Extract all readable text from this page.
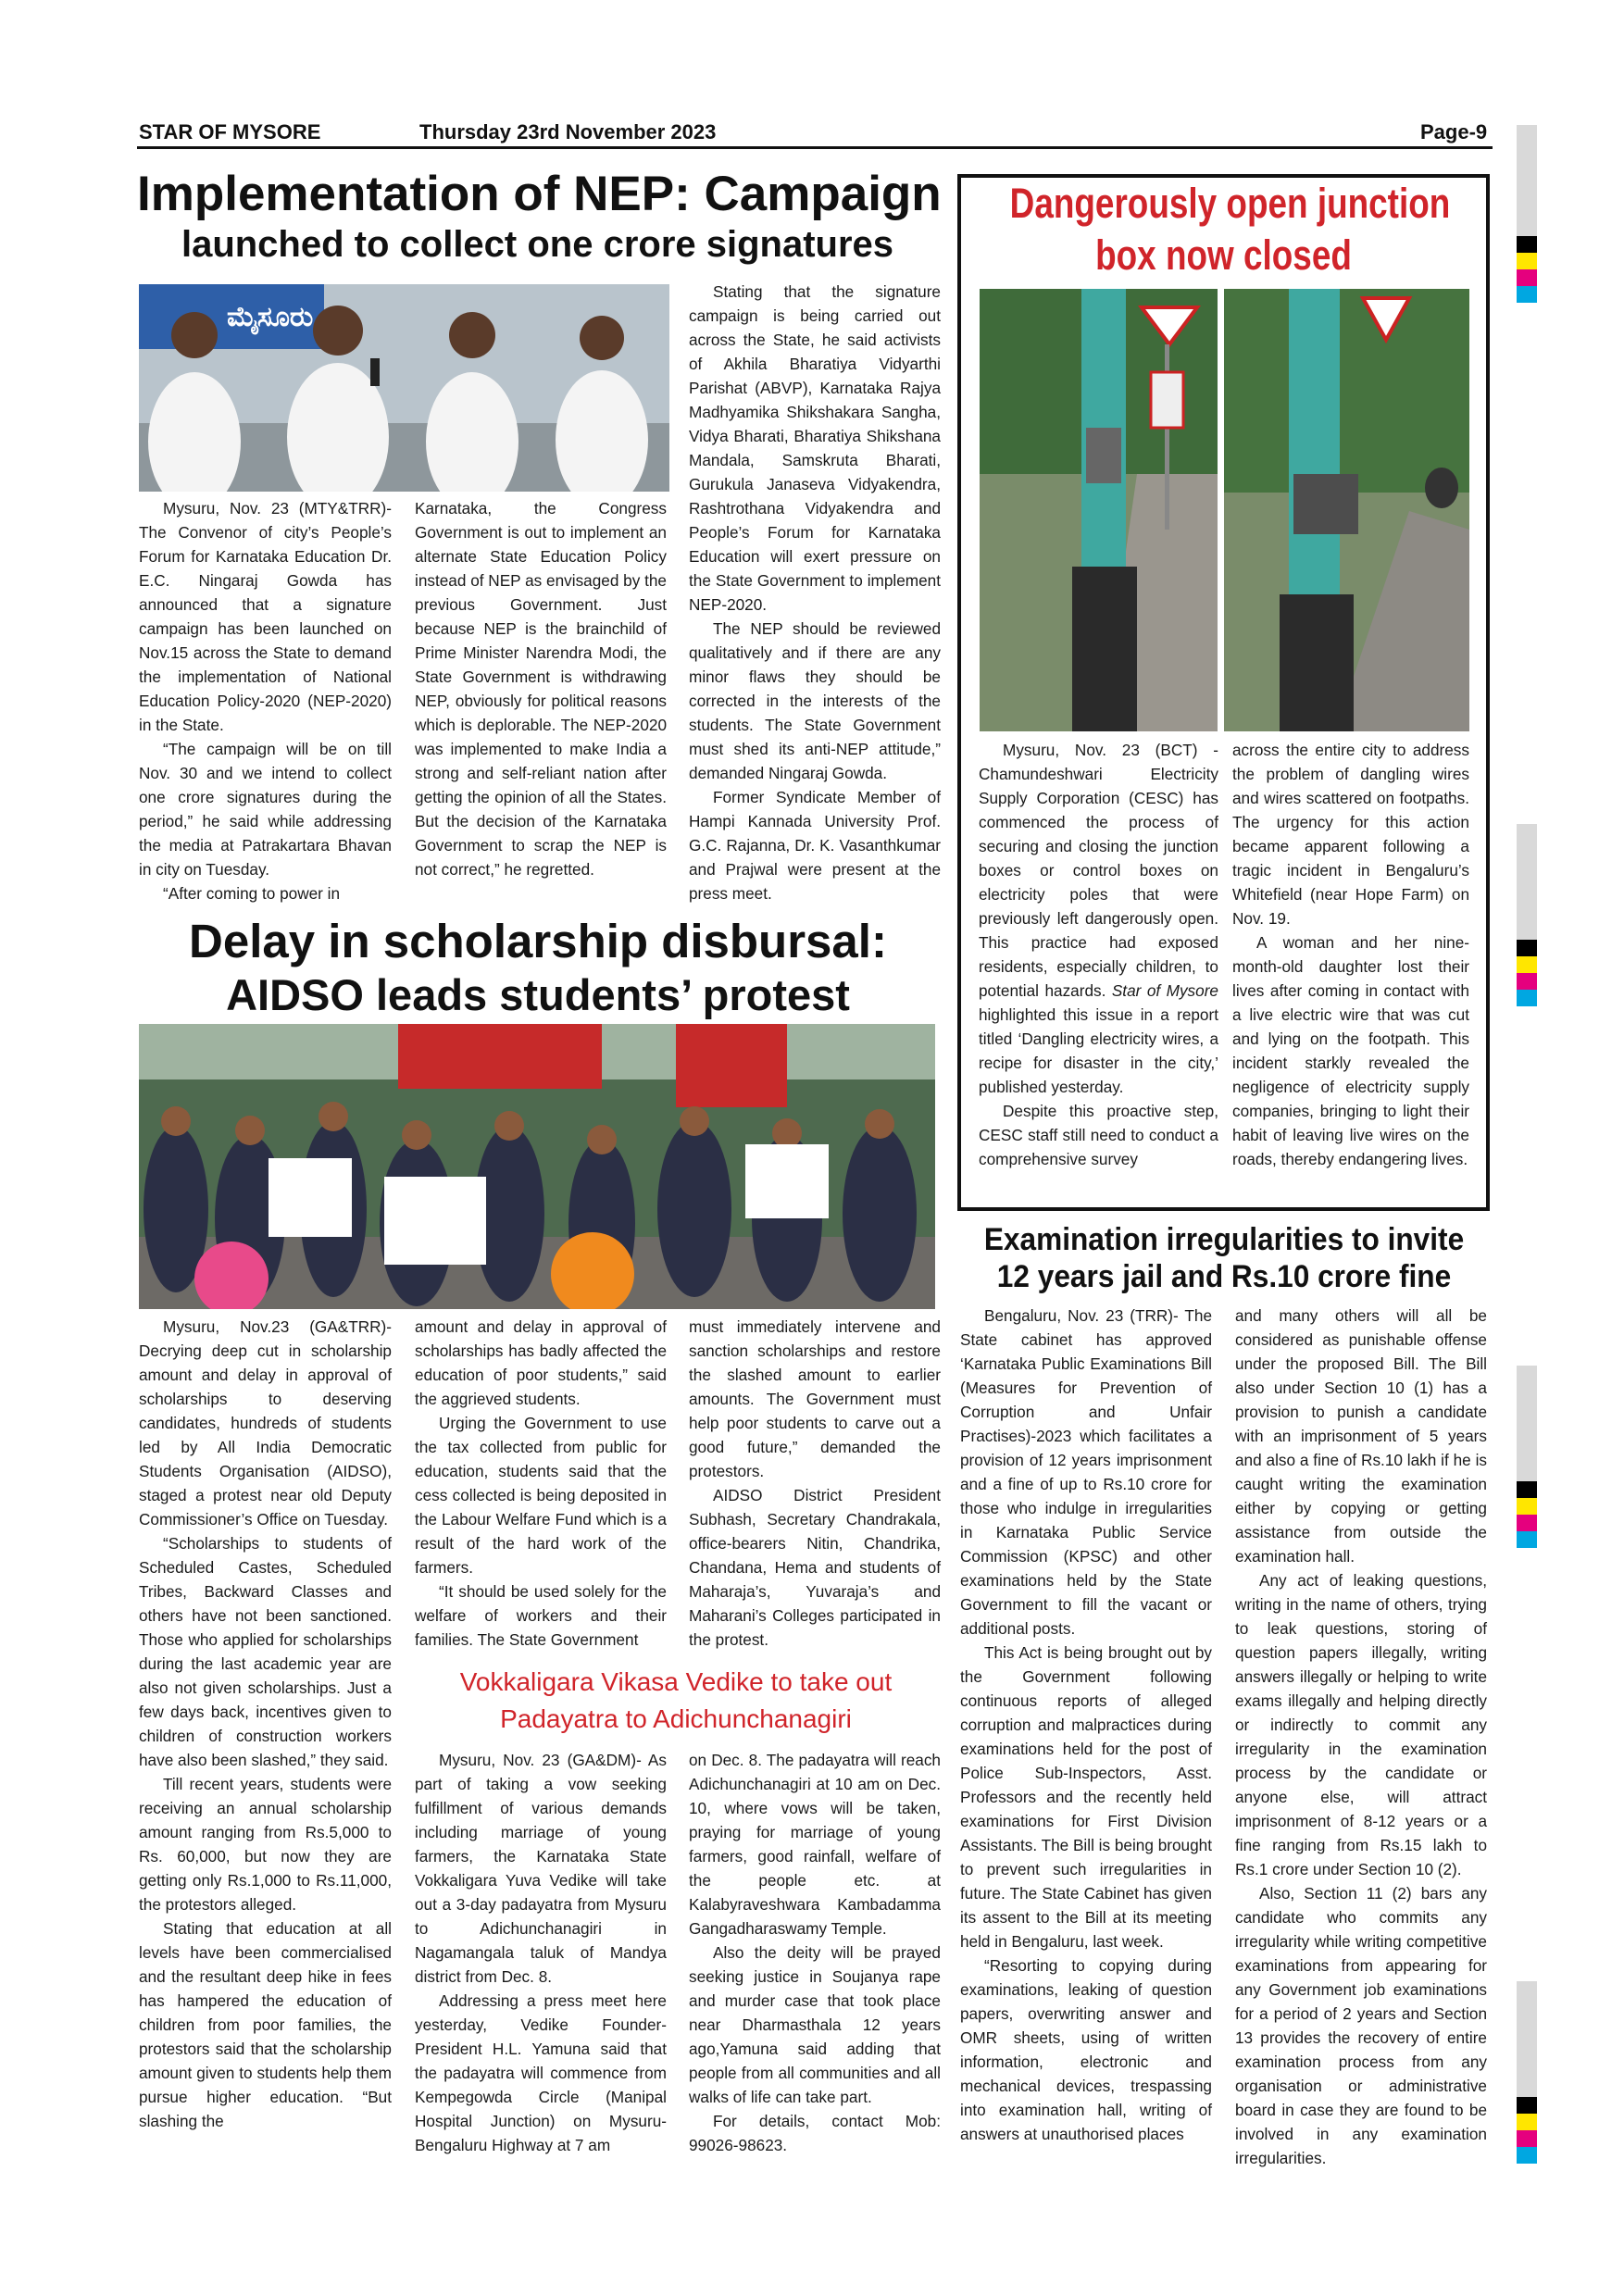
STAR OF MYSORE	Thursday 23rd November 2023	Page-9
Implementation of NEP: Campaign
launched to collect one crore signatures
ಮೈಸೂರು

Mysuru, Nov. 23 (MTY&TRR)- The Convenor of city’s People’s Forum for Karnataka Education Dr. E.C. Ningaraj Gowda has announced that a signature campaign has been launched on Nov.15 across the State to demand the implementation of National Education Policy-2020 (NEP-2020) in the State.

“The campaign will be on till Nov. 30 and we intend to collect one crore signatures during the period,” he said while addressing the media at Patrakartara Bhavan in city on Tuesday.

“After coming to power in

Karnataka, the Congress Government is out to implement an alternate State Education Policy instead of NEP as envisaged by the previous Government. Just because NEP is the brainchild of Prime Minister Narendra Modi, the State Government is withdrawing NEP, obviously for political reasons which is deplorable. The NEP-2020 was implemented to make India a strong and self-reliant nation after getting the opinion of all the States. But the decision of the Karnataka Government to scrap the NEP is not correct,” he regretted.

Stating that the signature campaign is being carried out across the State, he said activists of Akhila Bharatiya Vidyarthi Parishat (ABVP), Karnataka Rajya Madhyamika Shikshakara Sangha, Vidya Bharati, Bharatiya Shikshana Mandala, Samskruta Bharati, Gurukula Janaseva Vidyakendra, Rashtrothana Vidyakendra and People’s Forum for Karnataka Education will exert pressure on the State Government to implement NEP-2020.

The NEP should be reviewed qualitatively and if there are any minor flaws they should be corrected in the interests of the students. The State Government must shed its anti-NEP attitude,” demanded Ningaraj Gowda.

Former Syndicate Member of Hampi Kannada University Prof. G.C. Rajanna, Dr. K. Vasanthkumar and Prajwal were present at the press meet.

Dangerously open junction
box now closed

Mysuru, Nov. 23 (BCT) - Chamundeshwari Electricity Supply Corporation (CESC) has commenced the process of securing and closing the junction boxes or control boxes on electricity poles that were previously left dangerously open. This practice had exposed residents, especially children, to potential hazards. Star of Mysore highlighted this issue in a report titled ‘Dangling electricity wires, a recipe for disaster in the city,’ published yesterday.

Despite this proactive step, CESC staff still need to conduct a comprehensive survey

across the entire city to address the problem of dangling wires and wires scattered on footpaths. The urgency for this action became apparent following a tragic incident in Bengaluru’s Whitefield (near Hope Farm) on Nov. 19.

A woman and her nine-month-old daughter lost their lives after coming in contact with a live electric wire that was cut and lying on the footpath. This incident starkly revealed the negligence of electricity supply companies, bringing to light their habit of leaving live wires on the roads, thereby endangering lives.

Delay in scholarship disbursal:
AIDSO leads students’ protest

Mysuru, Nov.23 (GA&TRR)- Decrying deep cut in scholarship amount and delay in approval of scholarships to deserving candidates, hundreds of students led by All India Democratic Students Organisation (AIDSO), staged a protest near old Deputy Commissioner’s Office on Tuesday.

“Scholarships to students of Scheduled Castes, Scheduled Tribes, Backward Classes and others have not been sanctioned. Those who applied for scholarships during the last academic year are also not given scholarships. Just a few days back, incentives given to children of construction workers have also been slashed,” they said.

Till recent years, students were receiving an annual scholarship amount ranging from Rs.5,000 to Rs. 60,000, but now they are getting only Rs.1,000 to Rs.11,000, the protestors alleged.

Stating that education at all levels have been commercialised and the resultant deep hike in fees has hampered the education of children from poor families, the protestors said that the scholarship amount given to students help them pursue higher education. “But slashing the

amount and delay in approval of scholarships has badly affected the education of poor students,” said the aggrieved students.

Urging the Government to use the tax collected from public for education, students said that the cess collected is being deposited in the Labour Welfare Fund which is a result of the hard work of the farmers.

“It should be used solely for the welfare of workers and their families. The State Government

must immediately intervene and sanction scholarships and restore the slashed amount to earlier amounts. The Government must help poor students to carve out a good future,” demanded the protestors.

AIDSO District President Subhash, Secretary Chandrakala, office-bearers Nitin, Chandrika, Chandana, Hema and students of Maharaja’s, Yuvaraja’s and Maharani’s Colleges participated in the protest.

Vokkaligara Vikasa Vedike to take out
Padayatra to Adichunchanagiri

Mysuru, Nov. 23 (GA&DM)- As part of taking a vow seeking fulfillment of various demands including marriage of young farmers, the Karnataka State Vokkaligara Yuva Vedike will take out a 3-day padayatra from Mysuru to Adichunchanagiri in Nagamangala taluk of Mandya district from Dec. 8.

Addressing a press meet here yesterday, Vedike Founder-President H.L. Yamuna said that the padayatra will commence from Kempegowda Circle (Manipal Hospital Junction) on Mysuru-Bengaluru Highway at 7 am

on Dec. 8. The padayatra will reach Adichunchanagiri at 10 am on Dec. 10, where vows will be taken, praying for marriage of young farmers, good rainfall, welfare of the people etc. at Kalabyraveshwara Kambadamma Gangadharaswamy Temple.

Also the deity will be prayed seeking justice in Soujanya rape and murder case that took place near Dharmasthala 12 years ago,Yamuna said adding that people from all communities and all walks of life can take part.

For details, contact Mob: 99026-98623.

Examination irregularities to invite
12 years jail and Rs.10 crore fine

Bengaluru, Nov. 23 (TRR)- The State cabinet has approved ‘Karnataka Public Examinations Bill (Measures for Prevention of Corruption and Unfair Practises)-2023 which facilitates a provision of 12 years imprisonment and a fine of up to Rs.10 crore for those who indulge in irregularities in Karnataka Public Service Commission (KPSC) and other examinations held by the State Government to fill the vacant or additional posts.

This Act is being brought out by the Government following continuous reports of alleged corruption and malpractices during examinations held for the post of Police Sub-Inspectors, Asst. Professors and the recently held examinations for First Division Assistants. The Bill is being brought to prevent such irregularities in future. The State Cabinet has given its assent to the Bill at its meeting held in Bengaluru, last week.

“Resorting to copying during examinations, leaking of question papers, overwriting answer and OMR sheets, using of written information, electronic and mechanical devices, trespassing into examination hall, writing of answers at unauthorised places

and many others will all be considered as punishable offense under the proposed Bill. The Bill also under Section 10 (1) has a provision to punish a candidate with an imprisonment of 5 years and also a fine of Rs.10 lakh if he is caught writing the examination either by copying or getting assistance from outside the examination hall.

Any act of leaking questions, writing in the name of others, trying to leak questions, storing of question papers illegally, writing answers illegally or helping to write exams illegally and helping directly or indirectly to commit any irregularity in the examination process by the candidate or anyone else, will attract imprisonment of 8-12 years or a fine ranging from Rs.15 lakh to Rs.1 crore under Section 10 (2).

Also, Section 11 (2) bars any candidate who commits any irregularity while writing competitive examinations from appearing for any Government job examinations for a period of 2 years and Section 13 provides the recovery of entire examination process from any organisation or administrative board in case they are found to be involved in any examination irregularities.
